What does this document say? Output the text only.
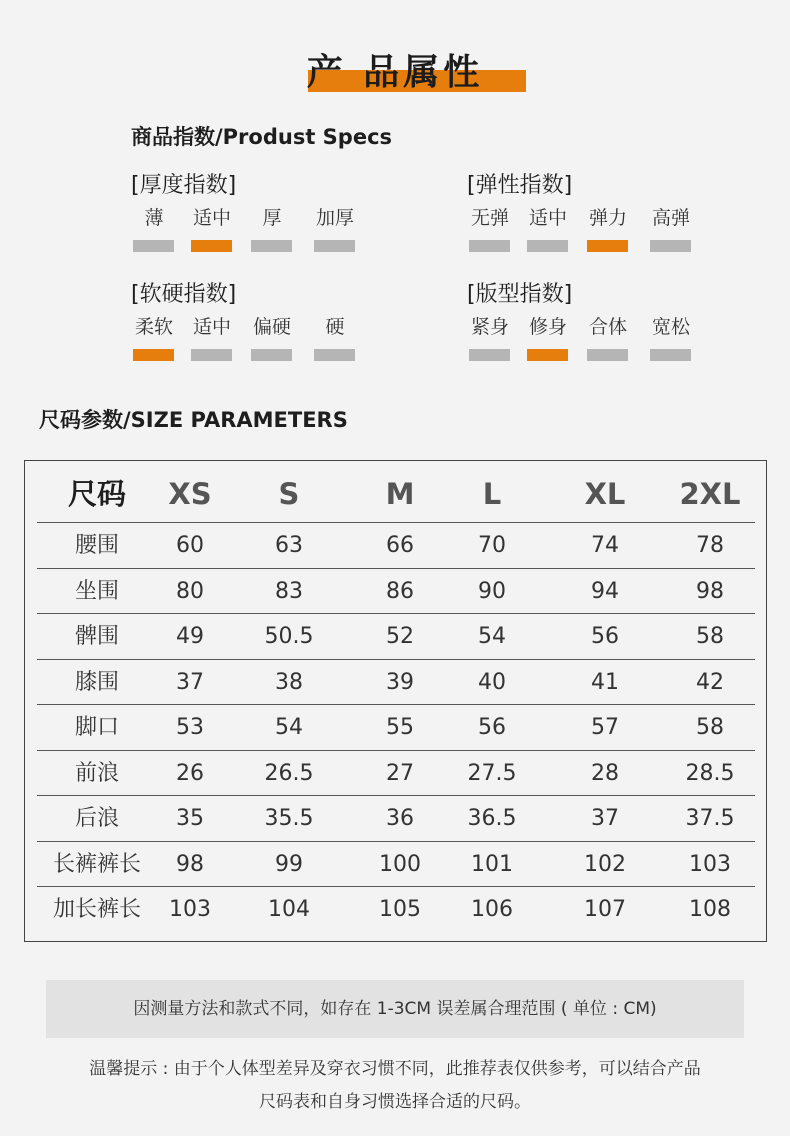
产 品属性
商品指数/Produst Specs
[厚度指数]
薄	适中	厚	加厚
[弹性指数]
无弹	适中	弹力	高弹
[软硬指数]
柔软	适中	偏硬	硬
[版型指数]
紧身	修身	合体	宽松
尺码参数/SIZE PARAMETERS
尺码	XS	S	M	L	XL	2XL
腰围	60	63	66	70	74	78
坐围	80	83	86	90	94	98
髀围	49	50.5	52	54	56	58
膝围	37	38	39	40	41	42
脚口	53	54	55	56	57	58
前浪	26	26.5	27	27.5	28	28.5
后浪	35	35.5	36	36.5	37	37.5
长裤裤长	98	99	100	101	102	103
加长裤长	103	104	105	106	107	108
因测量方法和款式不同，如存在 1-3CM 误差属合理范围 ( 单位 : CM)
温馨提示 : 由于个人体型差异及穿衣习惯不同，此推荐表仅供参考，可以结合产品
尺码表和自身习惯选择合适的尺码。
